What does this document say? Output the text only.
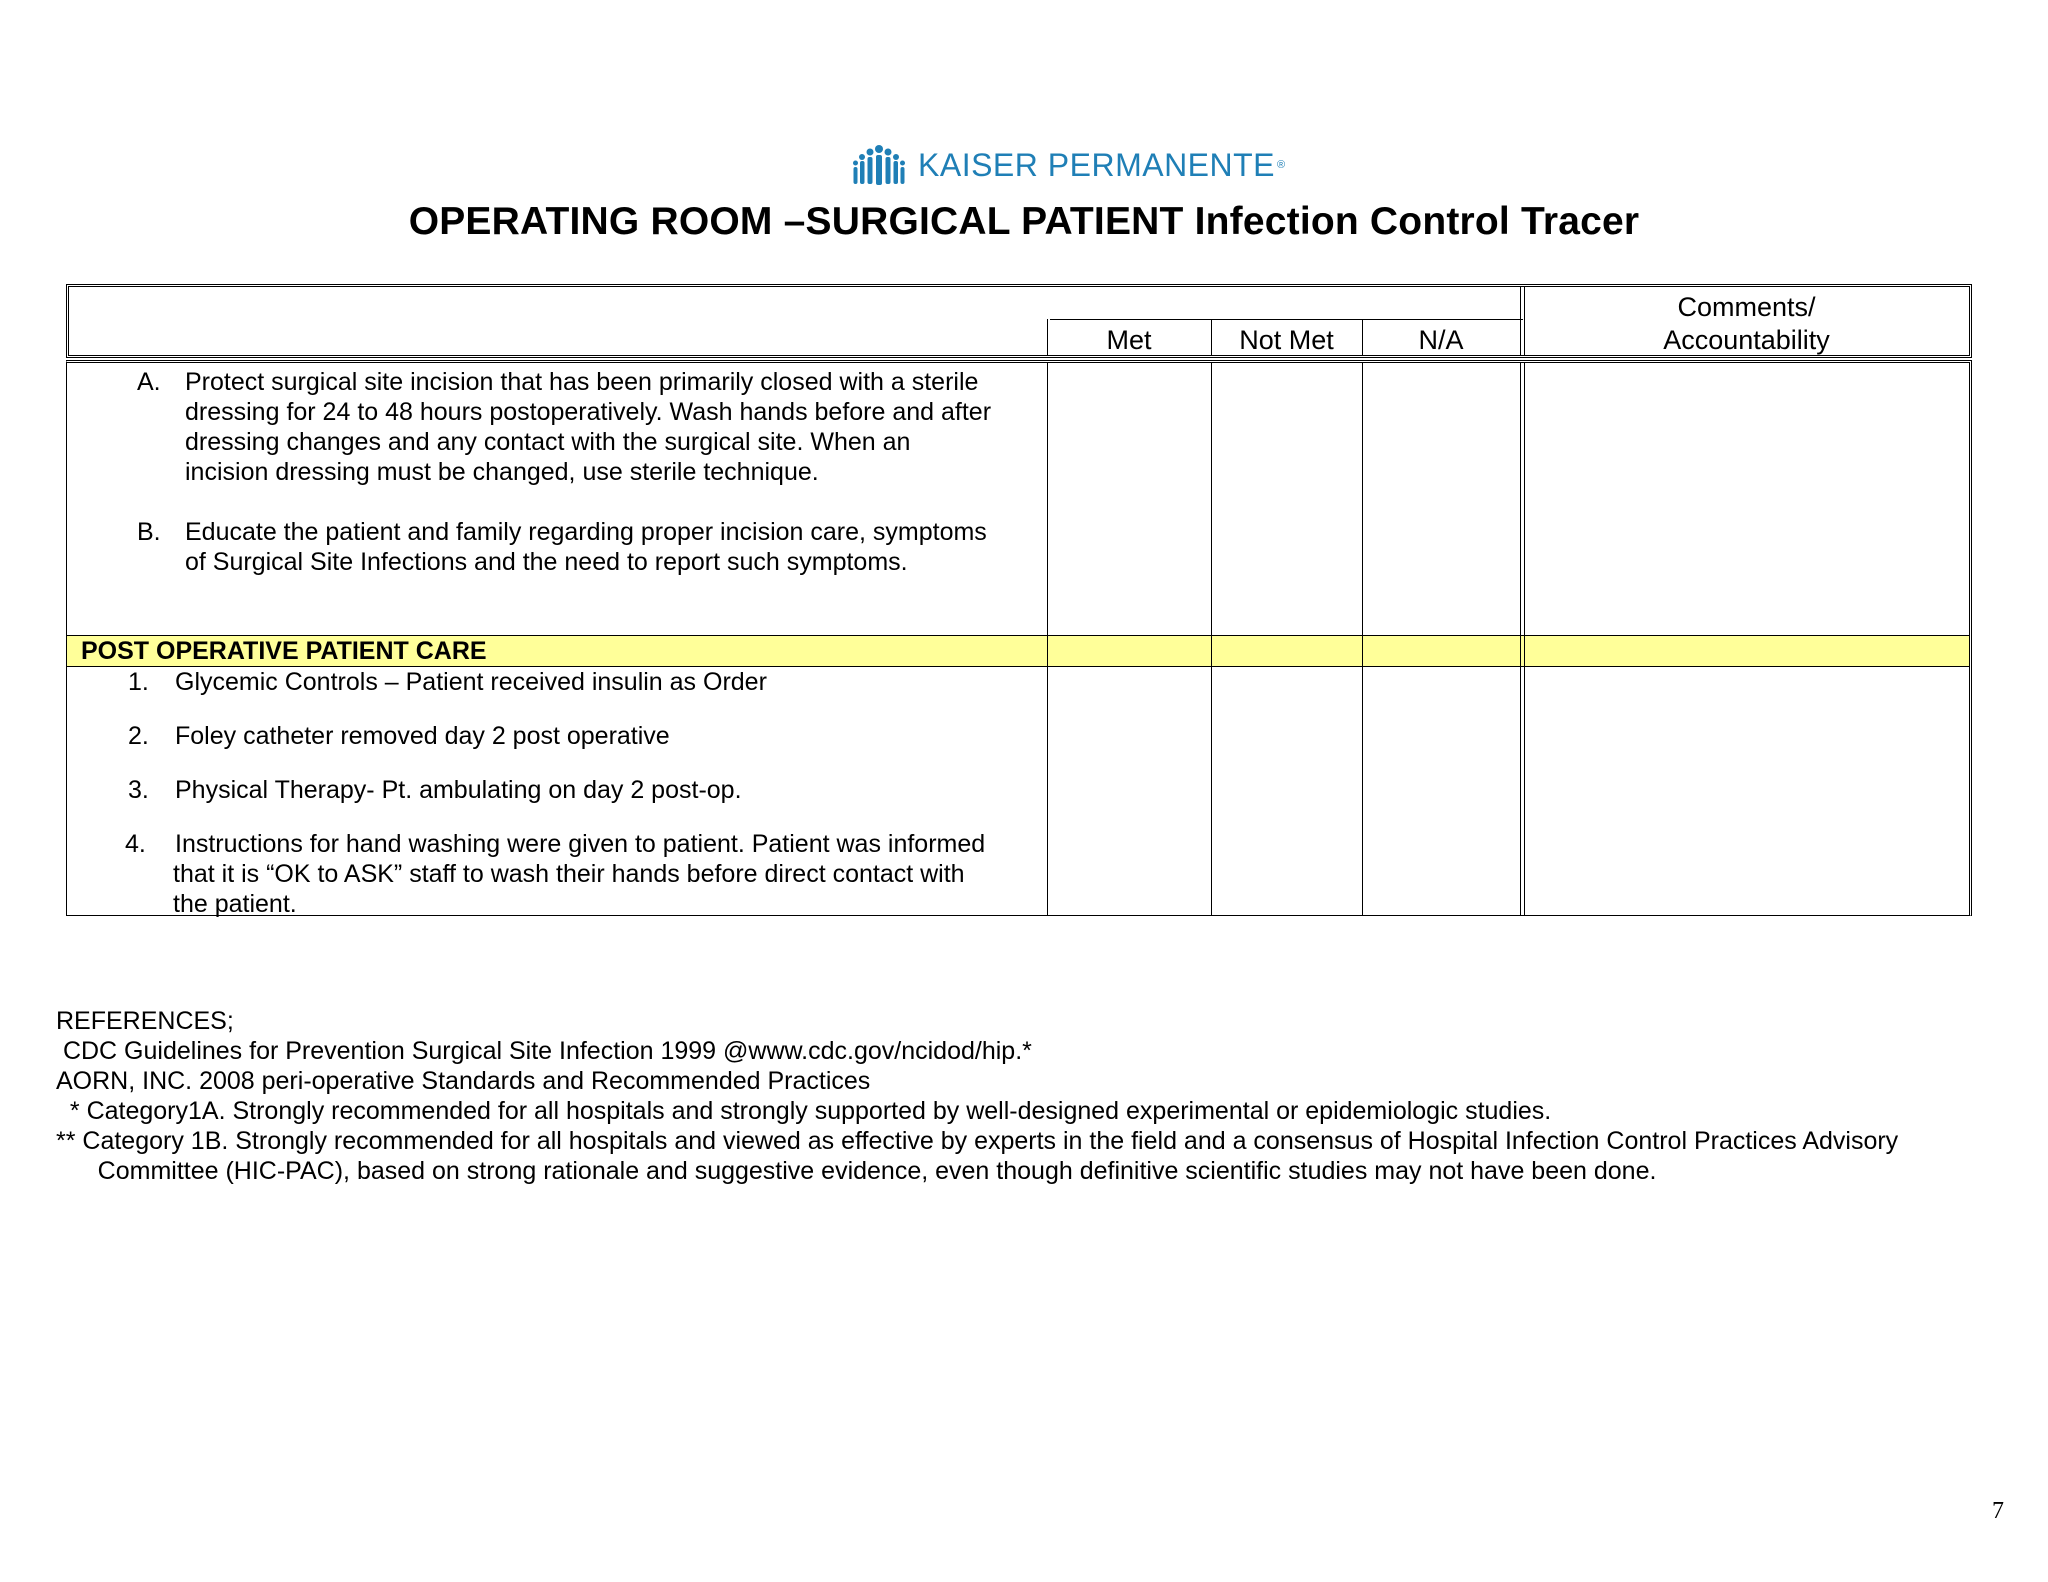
KAISER PERMANENTE ®
OPERATING ROOM –SURGICAL PATIENT Infection Control Tracer
Met	Not Met	N/A
Comments/
Accountability
A. Protect surgical site incision that has been primarily closed with a sterile
dressing for 24 to 48 hours postoperatively. Wash hands before and after
dressing changes and any contact with the surgical site. When an
incision dressing must be changed, use sterile technique.
B. Educate the patient and family regarding proper incision care, symptoms
of Surgical Site Infections and the need to report such symptoms.
POST OPERATIVE PATIENT CARE
1. Glycemic Controls – Patient received insulin as Order
2. Foley catheter removed day 2 post operative
3. Physical Therapy- Pt. ambulating on day 2 post-op.
4. Instructions for hand washing were given to patient. Patient was informed
that it is “OK to ASK” staff to wash their hands before direct contact with
the patient.
REFERENCES;
CDC Guidelines for Prevention Surgical Site Infection 1999 @www.cdc.gov/ncidod/hip.*
AORN, INC. 2008 peri-operative Standards and Recommended Practices
* Category1A. Strongly recommended for all hospitals and strongly supported by well-designed experimental or epidemiologic studies.
** Category 1B. Strongly recommended for all hospitals and viewed as effective by experts in the field and a consensus of Hospital Infection Control Practices Advisory
Committee (HIC-PAC), based on strong rationale and suggestive evidence, even though definitive scientific studies may not have been done.
7
